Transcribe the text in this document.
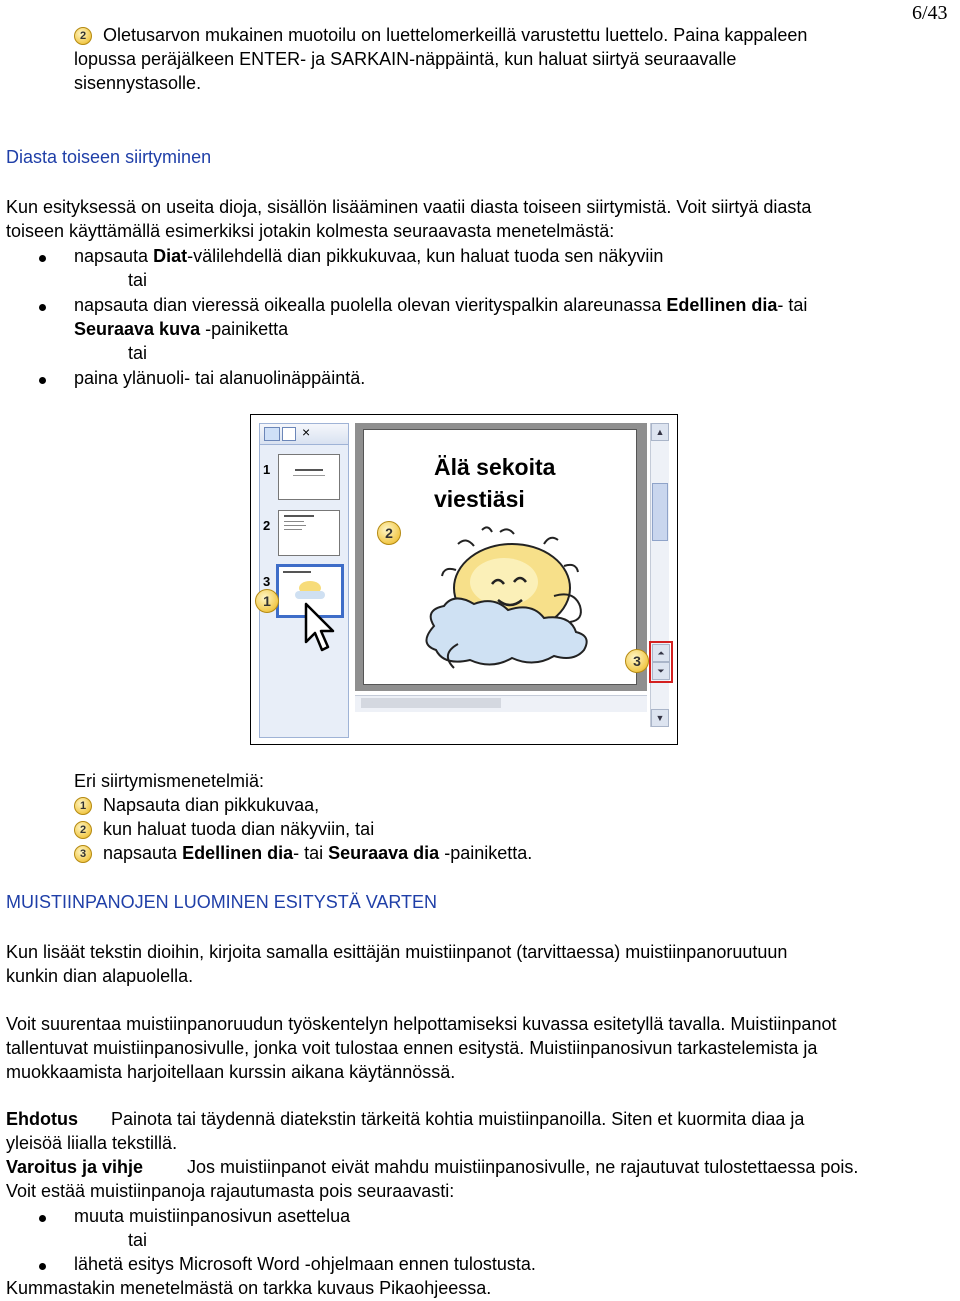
6/43
2 Oletusarvon mukainen muotoilu on luettelomerkeillä varustettu luettelo. Paina kappaleen
lopussa peräjälkeen ENTER- ja SARKAIN-näppäintä, kun haluat siirtyä seuraavalle
sisennystasolle.
Diasta toiseen siirtyminen
Kun esityksessä on useita dioja, sisällön lisääminen vaatii diasta toiseen siirtymistä. Voit siirtyä diasta
toiseen käyttämällä esimerkiksi jotakin kolmesta seuraavasta menetelmästä:
napsauta Diat-välilehdellä dian pikkukuvaa, kun haluat tuoda sen näkyviin
tai
napsauta dian vieressä oikealla puolella olevan vierityspalkin alareunassa Edellinen dia- tai
Seuraava kuva -painiketta
tai
paina ylänuoli- tai alanuolinäppäintä.
×
1
2
3
1
Älä sekoita
viestiäsi
2
3
▲
⏶
⏷
▼
Eri siirtymismenetelmiä:
1 Napsauta dian pikkukuvaa,
2 kun haluat tuoda dian näkyviin, tai
3 napsauta Edellinen dia- tai Seuraava dia -painiketta.
MUISTIINPANOJEN LUOMINEN ESITYSTÄ VARTEN
Kun lisäät tekstin dioihin, kirjoita samalla esittäjän muistiinpanot (tarvittaessa) muistiinpanoruutuun
kunkin dian alapuolella.
Voit suurentaa muistiinpanoruudun työskentelyn helpottamiseksi kuvassa esitetyllä tavalla. Muistiinpanot
tallentuvat muistiinpanosivulle, jonka voit tulostaa ennen esitystä. Muistiinpanosivun tarkastelemista ja
muokkaamista harjoitellaan kurssin aikana käytännössä.
Ehdotus Painota tai täydennä diatekstin tärkeitä kohtia muistiinpanoilla. Siten et kuormita diaa ja
yleisöä liialla tekstillä.
Varoitus ja vihje Jos muistiinpanot eivät mahdu muistiinpanosivulle, ne rajautuvat tulostettaessa pois.
Voit estää muistiinpanoja rajautumasta pois seuraavasti:
muuta muistiinpanosivun asettelua
tai
lähetä esitys Microsoft Word -ohjelmaan ennen tulostusta.
Kummastakin menetelmästä on tarkka kuvaus Pikaohjeessa.
